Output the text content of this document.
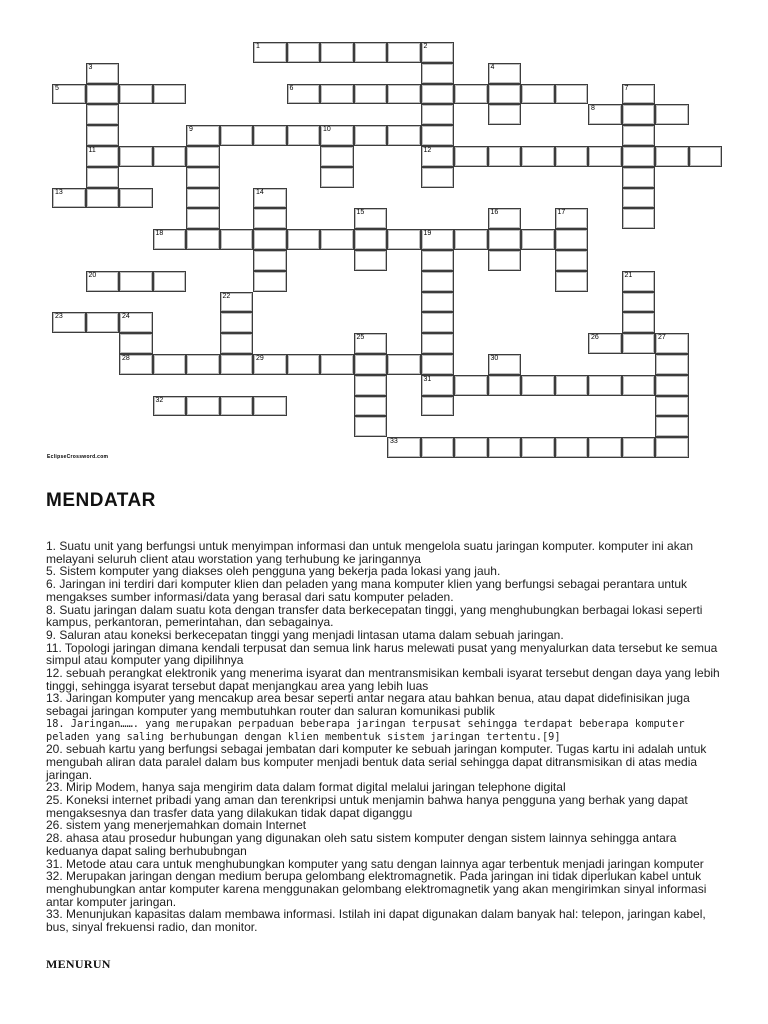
1	2
12
3
11
4
5	6	7
8
9	10
13	14
15	16	17
18	19
31
20	21
22
23	24
28
25	26	27
29	30
32
33
EclipseCrossword.com
MENDATAR
1. Suatu unit yang berfungsi untuk menyimpan informasi dan untuk mengelola suatu jaringan komputer. komputer ini akan melayani seluruh client atau worstation yang terhubung ke jaringannya
5. Sistem komputer yang diakses oleh pengguna yang bekerja pada lokasi yang jauh.
6. Jaringan ini terdiri dari komputer klien dan peladen yang mana komputer klien yang berfungsi sebagai perantara untuk mengakses sumber informasi/data yang berasal dari satu komputer peladen.
8. Suatu jaringan dalam suatu kota dengan transfer data berkecepatan tinggi, yang menghubungkan berbagai lokasi seperti kampus, perkantoran, pemerintahan, dan sebagainya.
9. Saluran atau koneksi berkecepatan tinggi yang menjadi lintasan utama dalam sebuah jaringan.
11. Topologi jaringan dimana kendali terpusat dan semua link harus melewati pusat yang menyalurkan data tersebut ke semua simpul atau komputer yang dipilihnya
12. sebuah perangkat elektronik yang menerima isyarat dan mentransmisikan kembali isyarat tersebut dengan daya yang lebih tinggi, sehingga isyarat tersebut dapat menjangkau area yang lebih luas
13. Jaringan komputer yang mencakup area besar seperti antar negara atau bahkan benua, atau dapat didefinisikan juga sebagai jaringan komputer yang membutuhkan router dan saluran komunikasi publik
18. Jaringan……. yang merupakan perpaduan beberapa jaringan terpusat sehingga terdapat beberapa komputer peladen yang saling berhubungan dengan klien membentuk sistem jaringan tertentu.[9]
20. sebuah kartu yang berfungsi sebagai jembatan dari komputer ke sebuah jaringan komputer. Tugas kartu ini adalah untuk mengubah aliran data paralel dalam bus komputer menjadi bentuk data serial sehingga dapat ditransmisikan di atas media jaringan.
23. Mirip Modem, hanya saja mengirim data dalam format digital melalui jaringan telephone digital
25. Koneksi internet pribadi yang aman dan terenkripsi untuk menjamin bahwa hanya pengguna yang berhak yang dapat mengaksesnya dan trasfer data yang dilakukan tidak dapat diganggu
26. sistem yang menerjemahkan domain Internet
28. ahasa atau prosedur hubungan yang digunakan oleh satu sistem komputer dengan sistem lainnya sehingga antara keduanya dapat saling berhububngan
31. Metode atau cara untuk menghubungkan komputer yang satu dengan lainnya agar terbentuk menjadi jaringan komputer
32. Merupakan jaringan dengan medium berupa gelombang elektromagnetik. Pada jaringan ini tidak diperlukan kabel untuk menghubungkan antar komputer karena menggunakan gelombang elektromagnetik yang akan mengirimkan sinyal informasi antar komputer jaringan.
33. Menunjukan kapasitas dalam membawa informasi. Istilah ini dapat digunakan dalam banyak hal: telepon, jaringan kabel, bus, sinyal frekuensi radio, dan monitor.
MENURUN
